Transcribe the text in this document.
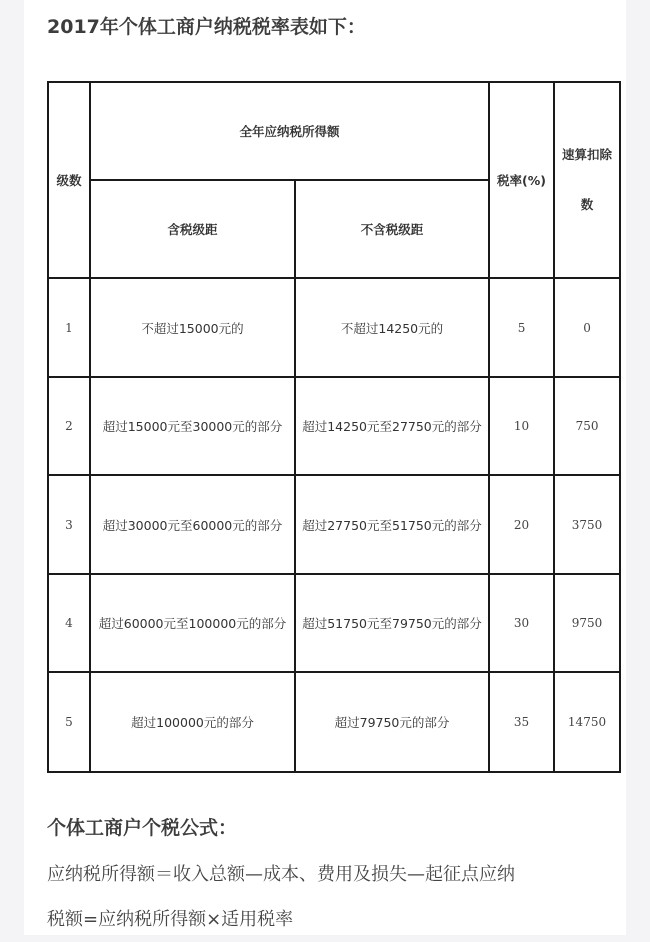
2017年个体工商户纳税税率表如下：
级数	全年应纳税所得额		税率(%)	速算扣除
数

	含税级距	不含税级距		
1	不超过15000元的	不超过14250元的	5	0
2	超过15000元至30000元的部分	超过14250元至27750元的部分	10	750
3	超过30000元至60000元的部分	超过27750元至51750元的部分	20	3750
4	超过60000元至100000元的部分	超过51750元至79750元的部分	30	9750
5	超过100000元的部分	超过79750元的部分	35	14750
个体工商户个税公式：
应纳税所得额＝收入总额—成本、费用及损失—起征点应纳
税额=应纳税所得额×适用税率
